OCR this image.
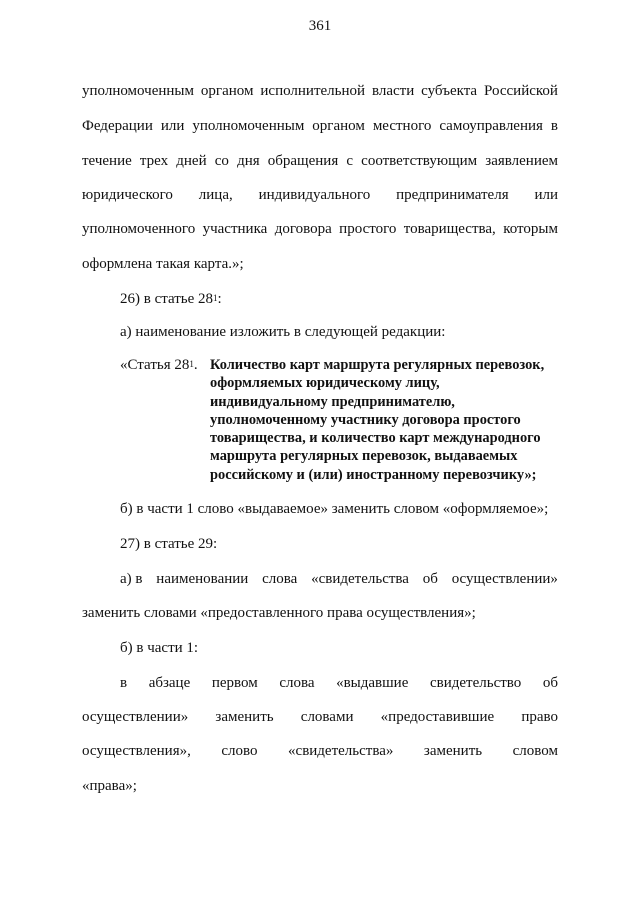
361
уполномоченным органом исполнительной власти субъекта Российской
Федерации или уполномоченным органом местного самоуправления в
течение трех дней со дня обращения с соответствующим заявлением
юридического лица, индивидуального предпринимателя или
уполномоченного участника договора простого товарищества, которым
оформлена такая карта.»;
26) в статье $28^1$:
а) наименование изложить в следующей редакции:
«Статья $28^1$. Количество карт маршрута регулярных перевозок,
оформляемых юридическому лицу,
индивидуальному предпринимателю,
уполномоченному участнику договора простого
товарищества, и количество карт международного
маршрута регулярных перевозок, выдаваемых
российскому и (или) иностранному перевозчику»;
б) в части 1 слово «выдаваемое» заменить словом «оформляемое»;
27) в статье 29:
а) в наименовании слова «свидетельства об осуществлении»
заменить словами «предоставленного права осуществления»;
б) в части 1:
в абзаце первом слова «выдавшие свидетельство об
осуществлении» заменить словами «предоставившие право
осуществления», слово «свидетельства» заменить словом
«права»;
